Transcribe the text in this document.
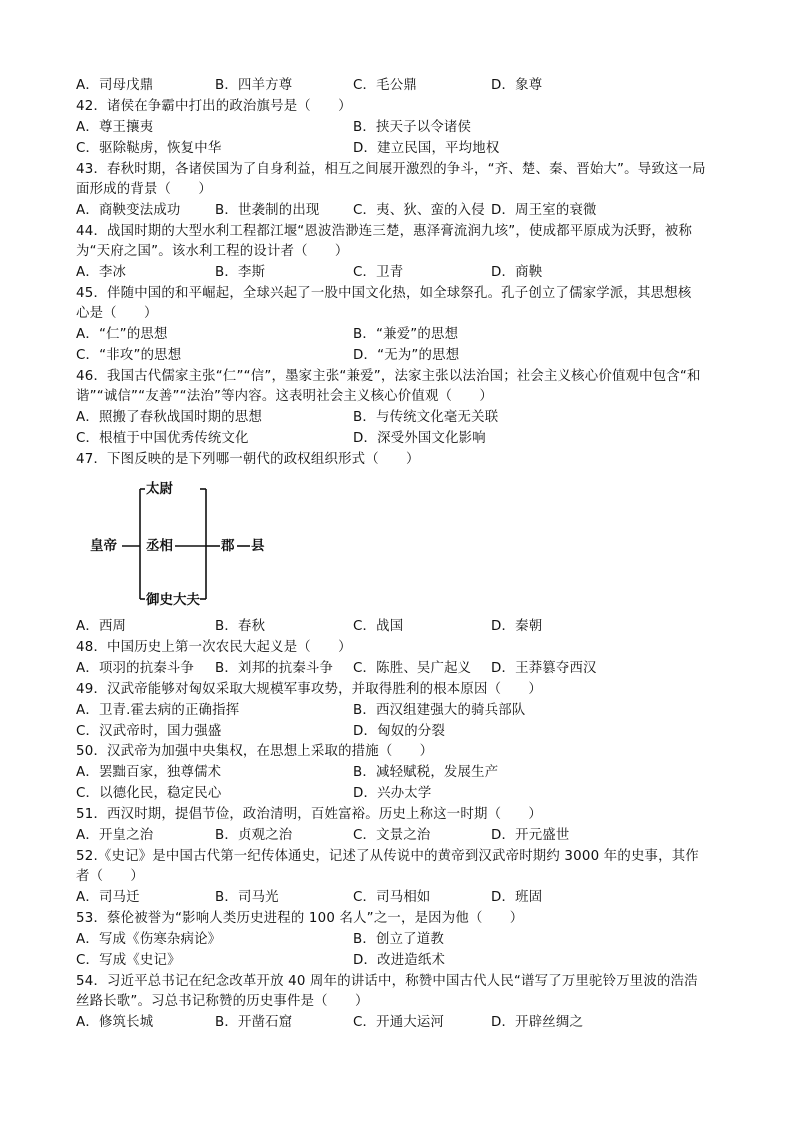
A．司母戊鼎	B．四羊方尊	C．毛公鼎	D．象尊
42．诸侯在争霸中打出的政治旗号是（　　）
A．尊王攘夷	B．挟天子以令诸侯
C．驱除鞑虏，恢复中华	D．建立民国，平均地权
43．春秋时期，各诸侯国为了自身利益，相互之间展开激烈的争斗，“齐、楚、秦、晋始大”。导致这一局
面形成的背景（　　）
A．商鞅变法成功	B．世袭制的出现 C．夷、狄、蛮的入侵 D．周王室的衰微
44．战国时期的大型水利工程都江堰“恩波浩渺连三楚，惠泽膏流润九垓”，使成都平原成为沃野，被称
为“天府之国”。该水利工程的设计者（　　）
A．李冰	B．李斯	C．卫青	D．商鞅
45．伴随中国的和平崛起，全球兴起了一股中国文化热，如全球祭孔。孔子创立了儒家学派，其思想核
心是（　　）
A．“仁”的思想	B．“兼爱”的思想
C．“非攻”的思想	D．“无为”的思想
46．我国古代儒家主张“仁”“信”，墨家主张“兼爱”，法家主张以法治国；社会主义核心价值观中包含“和
谐”“诚信”“友善”“法治”等内容。这表明社会主义核心价值观（　　）
A．照搬了春秋战国时期的思想	B．与传统文化毫无关联
C．根植于中国优秀传统文化	D．深受外国文化影响
47．下图反映的是下列哪一朝代的政权组织形式（　　）
皇帝
太尉
丞相
御史大夫
郡 县
A．西周	B．春秋	C．战国	D．秦朝
48．中国历史上第一次农民大起义是（　　）
A．项羽的抗秦斗争 B．刘邦的抗秦斗争 C．陈胜、吴广起义 D．王莽篡夺西汉
49．汉武帝能够对匈奴采取大规模军事攻势，并取得胜利的根本原因（　　）
A．卫青.霍去病的正确指挥	B．西汉组建强大的骑兵部队
C．汉武帝时，国力强盛	D．匈奴的分裂
50．汉武帝为加强中央集权，在思想上采取的措施（　　）
A．罢黜百家，独尊儒术	B．减轻赋税，发展生产
C．以德化民，稳定民心	D．兴办太学
51．西汉时期，提倡节俭，政治清明，百姓富裕。历史上称这一时期（　　）
A．开皇之治	B．贞观之治	C．文景之治	D．开元盛世
52.《史记》是中国古代第一纪传体通史，记述了从传说中的黄帝到汉武帝时期约 3000 年的史事，其作
者（　　）
A．司马迁	B．司马光	C．司马相如	D．班固
53．蔡伦被誉为“影响人类历史进程的 100 名人”之一，是因为他（　　）
A．写成《伤寒杂病论》	B．创立了道教
C．写成《史记》	D．改进造纸术
54．习近平总书记在纪念改革开放 40 周年的讲话中，称赞中国古代人民“谱写了万里驼铃万里波的浩浩
丝路长歌”。习总书记称赞的历史事件是（　　）
A．修筑长城	B．开凿石窟	C．开通大运河	D．开辟丝绸之
